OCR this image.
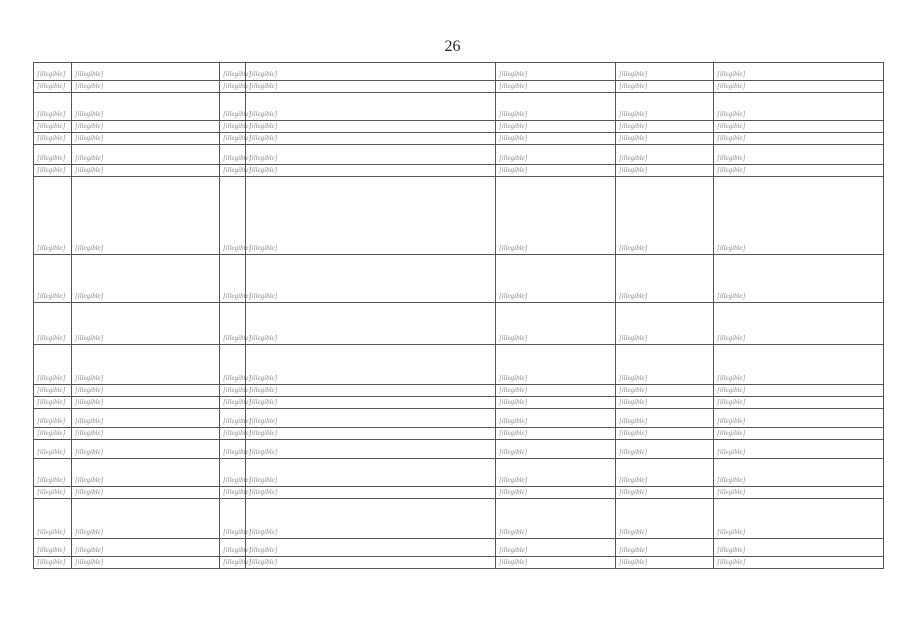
26
[illegible]	[illegible]	[illegible]	[illegible]	[illegible]	[illegible]	[illegible]
[illegible]	[illegible]	[illegible]	[illegible]	[illegible]	[illegible]	[illegible]
[illegible]	[illegible]	[illegible]	[illegible]	[illegible]	[illegible]	[illegible]
[illegible]	[illegible]	[illegible]	[illegible]	[illegible]	[illegible]	[illegible]
[illegible]	[illegible]	[illegible]	[illegible]	[illegible]	[illegible]	[illegible]
[illegible]	[illegible]	[illegible]	[illegible]	[illegible]	[illegible]	[illegible]
[illegible]	[illegible]	[illegible]	[illegible]	[illegible]	[illegible]	[illegible]
[illegible]	[illegible]	[illegible]	[illegible]	[illegible]	[illegible]	[illegible]
[illegible]	[illegible]	[illegible]	[illegible]	[illegible]	[illegible]	[illegible]
[illegible]	[illegible]	[illegible]	[illegible]	[illegible]	[illegible]	[illegible]
[illegible]	[illegible]	[illegible]	[illegible]	[illegible]	[illegible]	[illegible]
[illegible]	[illegible]	[illegible]	[illegible]	[illegible]	[illegible]	[illegible]
[illegible]	[illegible]	[illegible]	[illegible]	[illegible]	[illegible]	[illegible]
[illegible]	[illegible]	[illegible]	[illegible]	[illegible]	[illegible]	[illegible]
[illegible]	[illegible]	[illegible]	[illegible]	[illegible]	[illegible]	[illegible]
[illegible]	[illegible]	[illegible]	[illegible]	[illegible]	[illegible]	[illegible]
[illegible]	[illegible]	[illegible]	[illegible]	[illegible]	[illegible]	[illegible]
[illegible]	[illegible]	[illegible]	[illegible]	[illegible]	[illegible]	[illegible]
[illegible]	[illegible]	[illegible]	[illegible]	[illegible]	[illegible]	[illegible]
[illegible]	[illegible]	[illegible]	[illegible]	[illegible]	[illegible]	[illegible]
[illegible]	[illegible]	[illegible]	[illegible]	[illegible]	[illegible]	[illegible]
